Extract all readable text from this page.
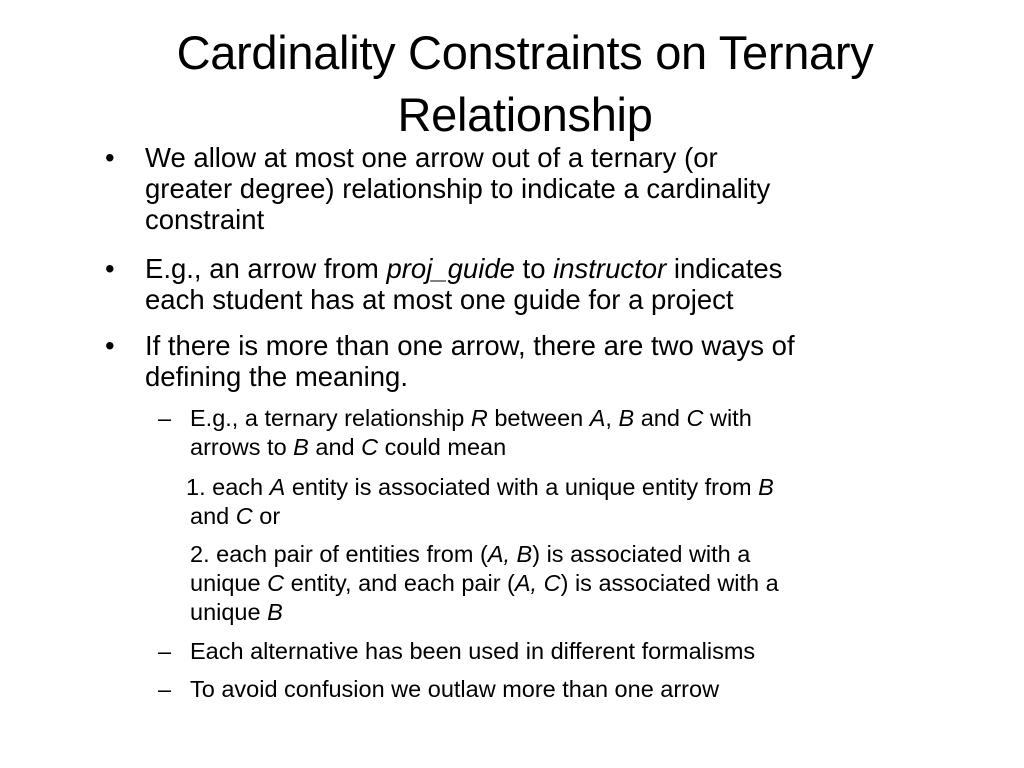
Cardinality Constraints on Ternary
Relationship
• We allow at most one arrow out of a ternary (or
greater degree) relationship to indicate a cardinality
constraint
• E.g., an arrow from proj_guide to instructor indicates
each student has at most one guide for a project
• If there is more than one arrow, there are two ways of
defining the meaning.
– E.g., a ternary relationship R between A, B and C with
arrows to B and C could mean
1. each A entity is associated with a unique entity from B
and C or
2. each pair of entities from (A, B) is associated with a
unique C entity, and each pair (A, C) is associated with a
unique B
– Each alternative has been used in different formalisms
– To avoid confusion we outlaw more than one arrow
